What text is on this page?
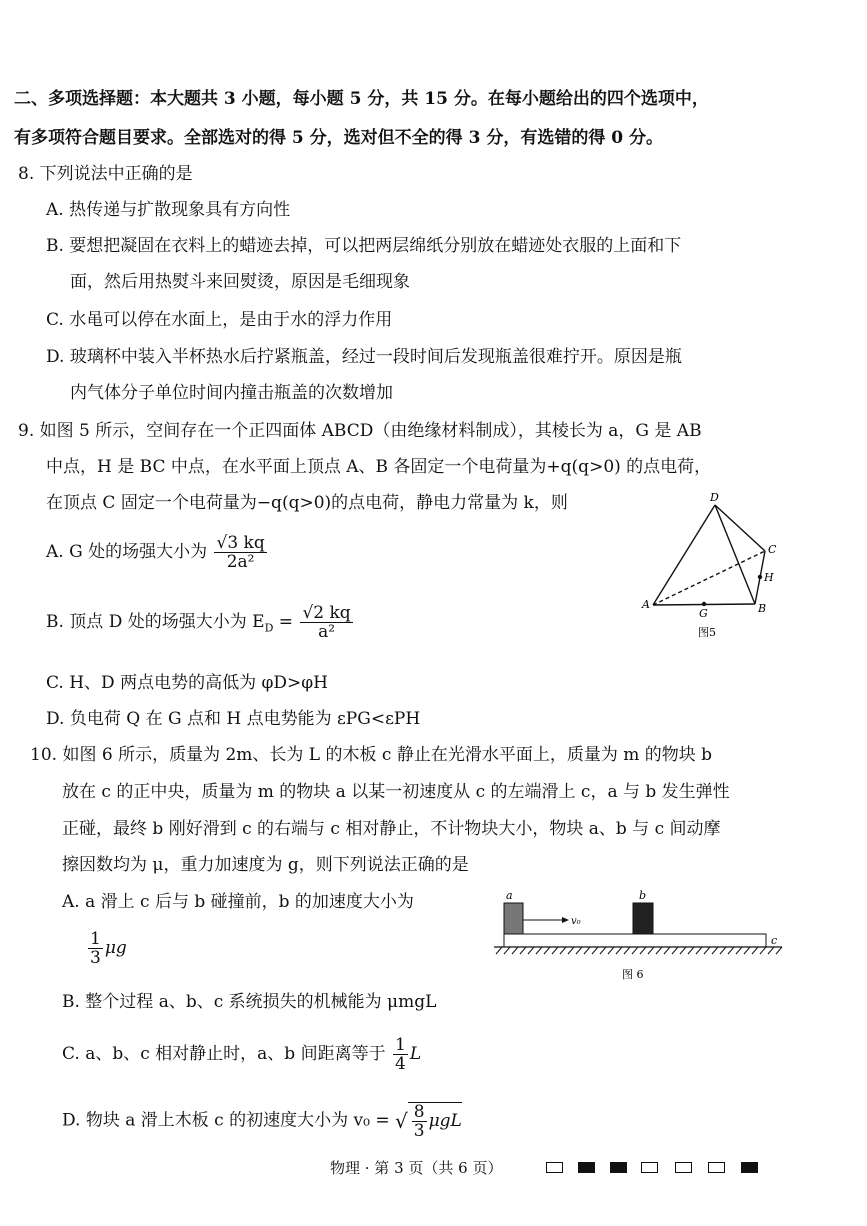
二、多项选择题：本大题共 3 小题，每小题 5 分，共 15 分。在每小题给出的四个选项中，
有多项符合题目要求。全部选对的得 5 分，选对但不全的得 3 分，有选错的得 0 分。
8. 下列说法中正确的是
A. 热传递与扩散现象具有方向性
B. 要想把凝固在衣料上的蜡迹去掉，可以把两层绵纸分别放在蜡迹处衣服的上面和下
面，然后用热熨斗来回熨烫，原因是毛细现象
C. 水黾可以停在水面上，是由于水的浮力作用
D. 玻璃杯中装入半杯热水后拧紧瓶盖，经过一段时间后发现瓶盖很难拧开。原因是瓶
内气体分子单位时间内撞击瓶盖的次数增加
9. 如图 5 所示，空间存在一个正四面体 ABCD（由绝缘材料制成），其棱长为 a，G 是 AB
中点，H 是 BC 中点，在水平面上顶点 A、B 各固定一个电荷量为+q(q>0) 的点电荷，
在顶点 C 固定一个电荷量为−q(q>0)的点电荷，静电力常量为 k，则
A. G 处的场强大小为 $\frac{√3 kq}{\text{2a²}}$
B. 顶点 D 处的场强大小为 $E_D = \frac{√2 kq}{\text{a²}}$
C. H、D 两点电势的高低为 φD>φH
D. 负电荷 Q 在 G 点和 H 点电势能为 εPG<εPH
D
C
H
A	B
G
图5
10. 如图 6 所示，质量为 2m、长为 L 的木板 c 静止在光滑水平面上，质量为 m 的物块 b
放在 c 的正中央，质量为 m 的物块 a 以某一初速度从 c 的左端滑上 c，a 与 b 发生弹性
正碰，最终 b 刚好滑到 c 的右端与 c 相对静止，不计物块大小，物块 a、b 与 c 间动摩
擦因数均为 μ，重力加速度为 g，则下列说法正确的是
A. a 滑上 c 后与 b 碰撞前，b 的加速度大小为
$\frac{1}{3}$ μg
B. 整个过程 a、b、c 系统损失的机械能为 μmgL
C. a、b、c 相对静止时，a、b 间距离等于 $\frac{1}{4}$ L
D. 物块 a 滑上木板 c 的初速度大小为 v₀ = √ $\frac{8}{3}$ μgL
a	b
c
v₀
图 6
物理 · 第 3 页（共 6 页）
